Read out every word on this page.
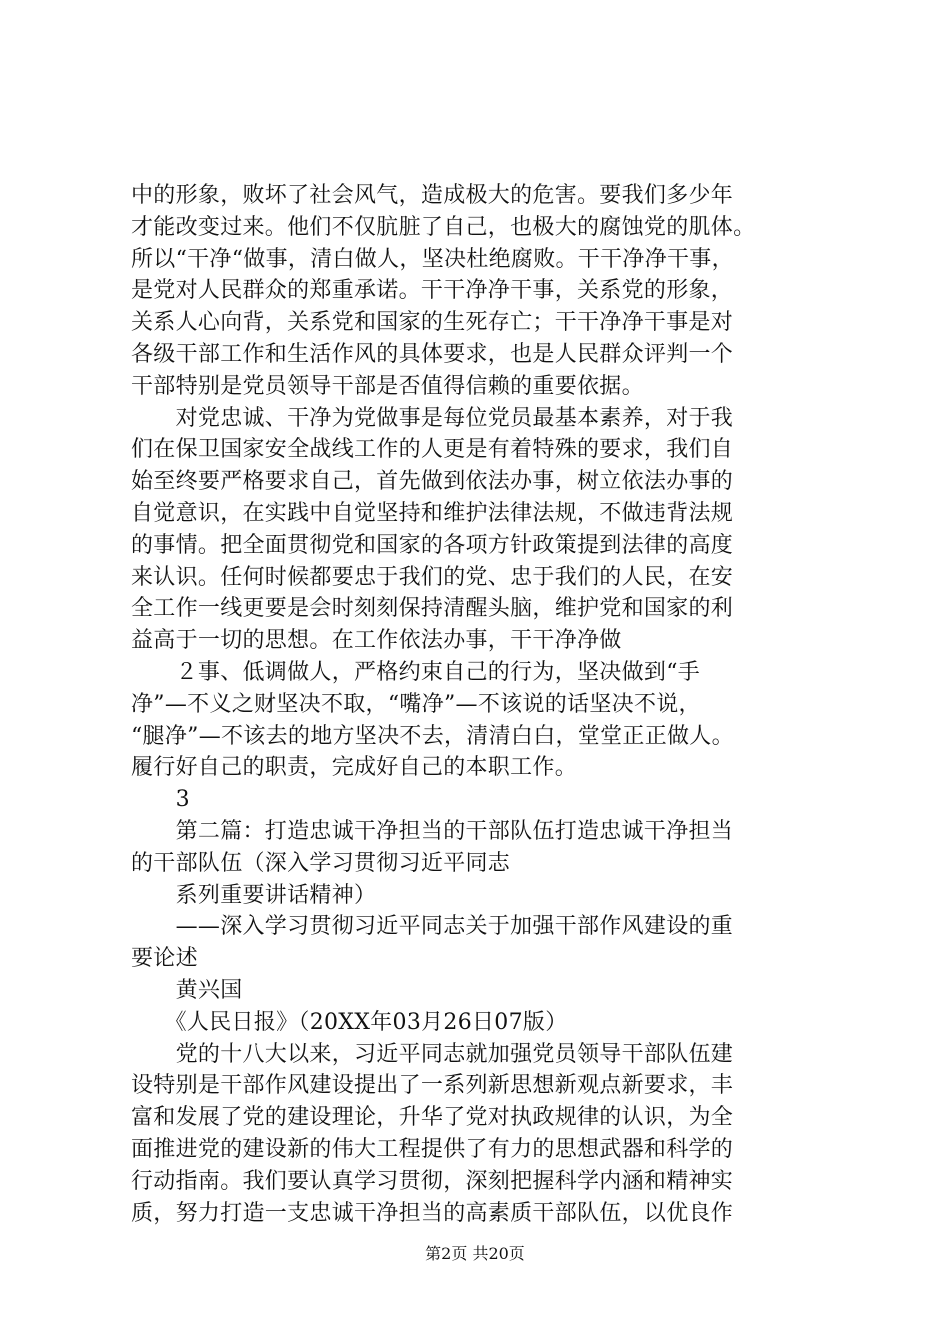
中的形象，败坏了社会风气，造成极大的危害。要我们多少年
才能改变过来。他们不仅肮脏了自己，也极大的腐蚀党的肌体。
所以“干净“做事，清白做人，坚决杜绝腐败。干干净净干事，
是党对人民群众的郑重承诺。干干净净干事，关系党的形象，
关系人心向背，关系党和国家的生死存亡；干干净净干事是对
各级干部工作和生活作风的具体要求，也是人民群众评判一个
干部特别是党员领导干部是否值得信赖的重要依据。
　　对党忠诚、干净为党做事是每位党员最基本素养，对于我
们在保卫国家安全战线工作的人更是有着特殊的要求，我们自
始至终要严格要求自己，首先做到依法办事，树立依法办事的
自觉意识，在实践中自觉坚持和维护法律法规，不做违背法规
的事情。把全面贯彻党和国家的各项方针政策提到法律的高度
来认识。任何时候都要忠于我们的党、忠于我们的人民，在安
全工作一线更要是会时刻刻保持清醒头脑，维护党和国家的利
益高于一切的思想。在工作依法办事，干干净净做
　　２事、低调做人，严格约束自己的行为，坚决做到“手
净”—不义之财坚决不取，“嘴净”—不该说的话坚决不说，
“腿净”—不该去的地方坚决不去，清清白白，堂堂正正做人。
履行好自己的职责，完成好自己的本职工作。
　　3
　　第二篇：打造忠诚干净担当的干部队伍打造忠诚干净担当
的干部队伍（深入学习贯彻习近平同志
　　系列重要讲话精神）
　　——深入学习贯彻习近平同志关于加强干部作风建设的重
要论述
　　黄兴国
　　《人民日报》（20XX年03月26日07版）
　　党的十八大以来，习近平同志就加强党员领导干部队伍建
设特别是干部作风建设提出了一系列新思想新观点新要求，丰
富和发展了党的建设理论，升华了党对执政规律的认识，为全
面推进党的建设新的伟大工程提供了有力的思想武器和科学的
行动指南。我们要认真学习贯彻，深刻把握科学内涵和精神实
质，努力打造一支忠诚干净担当的高素质干部队伍，以优良作
第2页 共20页
